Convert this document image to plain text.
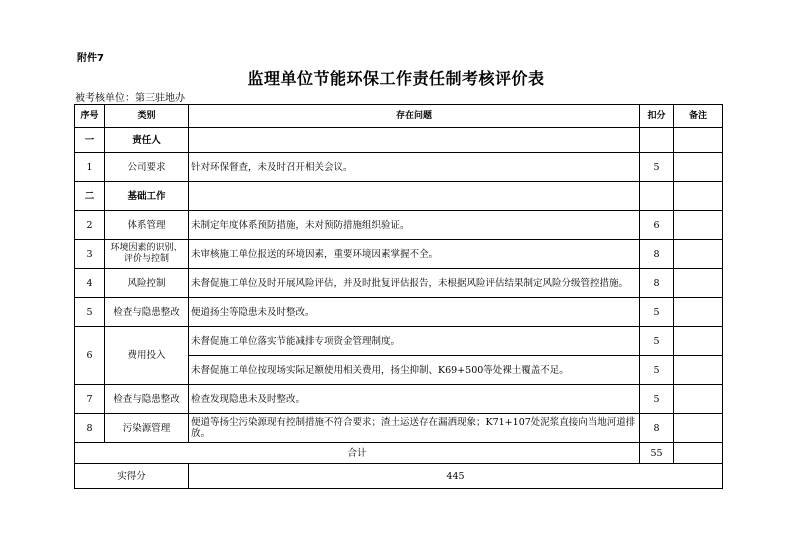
附件7
监理单位节能环保工作责任制考核评价表
被考核单位：第三驻地办
序号	类别	存在问题	扣分	备注
一	责任人			
1	公司要求	针对环保督查，未及时召开相关会议。	5	
二	基础工作			
2	体系管理	未制定年度体系预防措施，未对预防措施组织验证。	6	
3	环境因素的识别、评价与控制	未审核施工单位报送的环境因素，重要环境因素掌握不全。	8	
4	风险控制	未督促施工单位及时开展风险评估，并及时批复评估报告，未根据风险评估结果制定风险分级管控措施。	8	
5	检查与隐患整改	便道扬尘等隐患未及时整改。	5	
6	费用投入	未督促施工单位落实节能减排专项资金管理制度。	5	
		未督促施工单位按现场实际足额使用相关费用，扬尘抑制、K69+500等处裸土覆盖不足。	5	
7	检查与隐患整改	检查发现隐患未及时整改。	5	
8	污染源管理	便道等扬尘污染源现有控制措施不符合要求；渣土运送存在漏洒现象；K71+107处泥浆直接向当地河道排放。	8	
合计			55	
实得分		445		
